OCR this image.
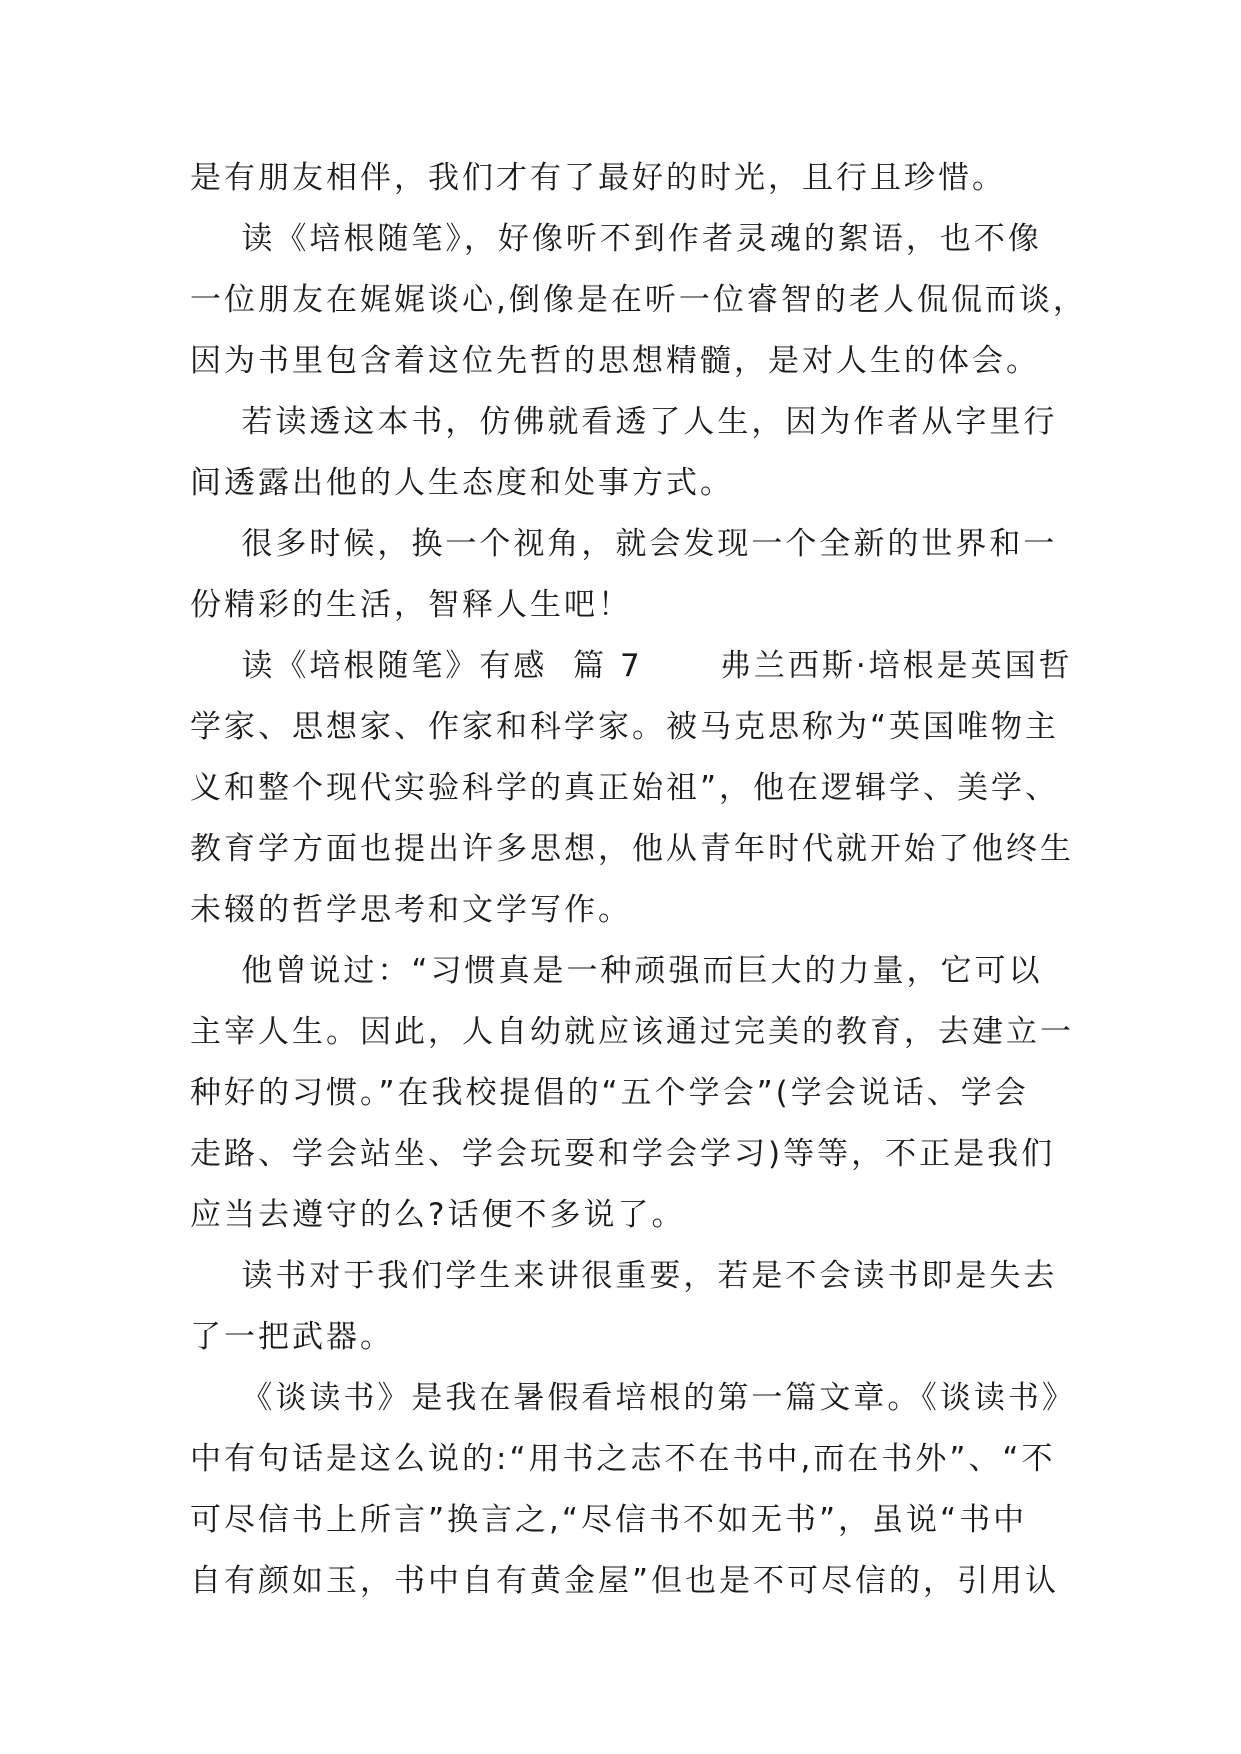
是有朋友相伴，我们才有了最好的时光，且行且珍惜。
读《培根随笔》，好像听不到作者灵魂的絮语，也不像
一位朋友在娓娓谈心,倒像是在听一位睿智的老人侃侃而谈，
因为书里包含着这位先哲的思想精髓，是对人生的体会。
若读透这本书，仿佛就看透了人生，因为作者从字里行
间透露出他的人生态度和处事方式。
很多时候，换一个视角，就会发现一个全新的世界和一
份精彩的生活，智释人生吧！
读《培根随笔》有感  篇 7      弗兰西斯·培根是英国哲
学家、思想家、作家和科学家。被马克思称为“英国唯物主
义和整个现代实验科学的真正始祖”，他在逻辑学、美学、
教育学方面也提出许多思想，他从青年时代就开始了他终生
未辍的哲学思考和文学写作。
他曾说过：“习惯真是一种顽强而巨大的力量，它可以
主宰人生。因此，人自幼就应该通过完美的教育，去建立一
种好的习惯。”在我校提倡的“五个学会”(学会说话、学会
走路、学会站坐、学会玩耍和学会学习)等等，不正是我们
应当去遵守的么?话便不多说了。
读书对于我们学生来讲很重要，若是不会读书即是失去
了一把武器。
《谈读书》是我在暑假看培根的第一篇文章。《谈读书》
中有句话是这么说的:“用书之志不在书中,而在书外”、“不
可尽信书上所言”换言之,“尽信书不如无书”，虽说“书中
自有颜如玉，书中自有黄金屋”但也是不可尽信的，引用认
